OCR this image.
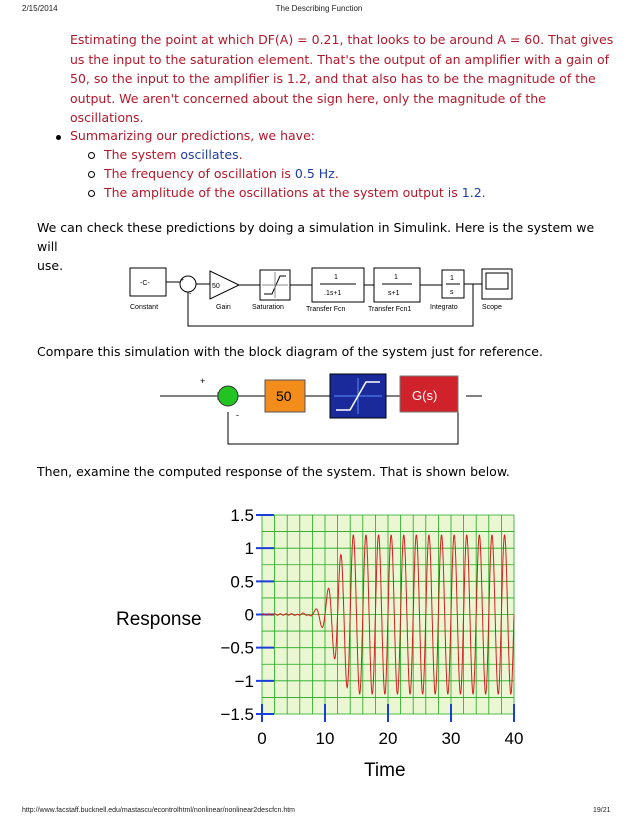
2/15/2014	The Describing Function
http://www.facstaff.bucknell.edu/mastascu/econtrolhtml/nonlinear/nonlinear2descfcn.htm	19/21
Estimating the point at which DF(A) = 0.21, that looks to be around A = 60. That gives
us the input to the saturation element. That's the output of an amplifier with a gain of
50, so the input to the amplifier is 1.2, and that also has to be the magnitude of the
output. We aren't concerned about the sign here, only the magnitude of the
oscillations.
Summarizing our predictions, we have:
The system oscillates.
The frequency of oscillation is 0.5 Hz.
The amplitude of the oscillations at the system output is 1.2.
We can check these predictions by doing a simulation in Simulink. Here is the system we will
use.
-C-
Constant
+
-
50
Gain	Saturation
1
.1s+1
Transfer Fcn
1
s+1
Transfer Fcn1
1
s
Integrato	Scope
Compare this simulation with the block diagram of the system just for reference.
+
-
50	G(s)
Then, examine the computed response of the system. That is shown below.
1.5
1
0.5
0
−0.5
−1
−1.5
0	10	20	30	40
Response
Time
